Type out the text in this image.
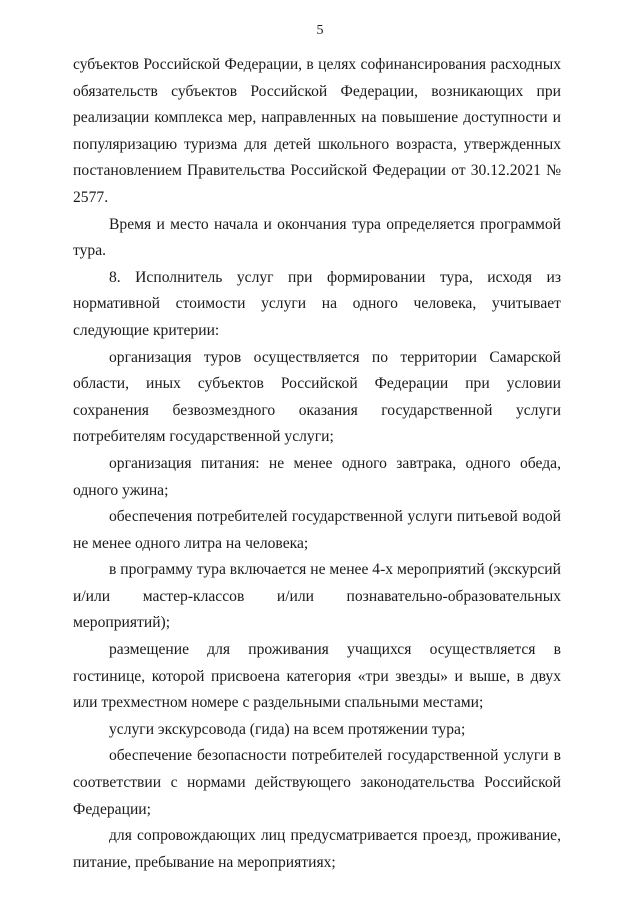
5

субъектов Российской Федерации, в целях софинансирования расходных обязательств субъектов Российской Федерации, возникающих при реализации комплекса мер, направленных на повышение доступности и популяризацию туризма для детей школьного возраста, утвержденных постановлением Правительства Российской Федерации от 30.12.2021 № 2577.

Время и место начала и окончания тура определяется программой тура.

8. Исполнитель услуг при формировании тура, исходя из нормативной стоимости услуги на одного человека, учитывает следующие критерии:

организация туров осуществляется по территории Самарской области, иных субъектов Российской Федерации при условии сохранения безвозмездного оказания государственной услуги потребителям государственной услуги;

организация питания: не менее одного завтрака, одного обеда, одного ужина;

обеспечения потребителей государственной услуги питьевой водой не менее одного литра на человека;

в программу тура включается не менее 4-х мероприятий (экскурсий и/или мастер-классов и/или познавательно-образовательных мероприятий);

размещение для проживания учащихся осуществляется в гостинице, которой присвоена категория «три звезды» и выше, в двух или трехместном номере с раздельными спальными местами;

услуги экскурсовода (гида) на всем протяжении тура;

обеспечение безопасности потребителей государственной услуги в соответствии с нормами действующего законодательства Российской Федерации;

для сопровождающих лиц предусматривается проезд, проживание, питание, пребывание на мероприятиях;
